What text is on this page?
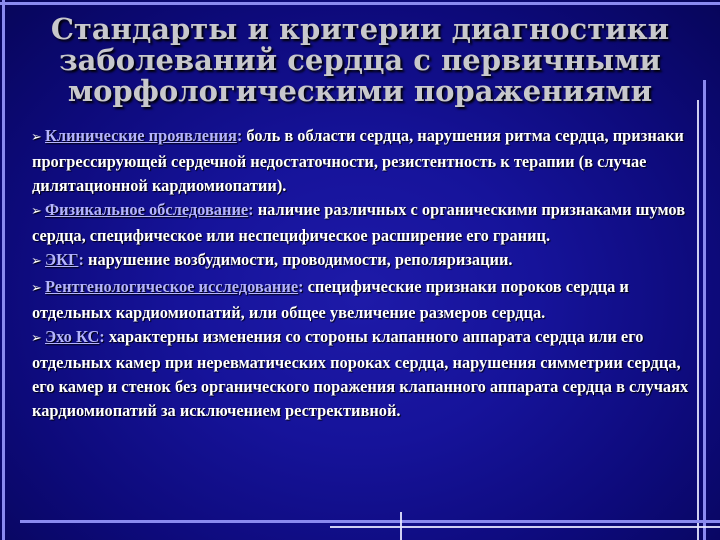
Стандарты и критерии диагностики
заболеваний сердца с первичными
морфологическими поражениями

➢ Клинические проявления: боль в области сердца, нарушения ритма сердца, признаки прогрессирующей сердечной недостаточности, резистентность к терапии (в случае дилятационной кардиомиопатии).

➢ Физикальное обследование: наличие различных с органическими признаками шумов сердца, специфическое или неспецифическое расширение его границ.

➢ ЭКГ: нарушение возбудимости, проводимости, реполяризации.

➢ Рентгенологическое исследование: специфические признаки пороков сердца и отдельных кардиомиопатий, или общее увеличение размеров сердца.

➢ Эхо КС: характерны изменения со стороны клапанного аппарата сердца или его отдельных камер при неревматических пороках сердца, нарушения симметрии сердца, его камер и стенок без органического поражения клапанного аппарата сердца в случаях кардиомиопатий за исключением рестрективной.
